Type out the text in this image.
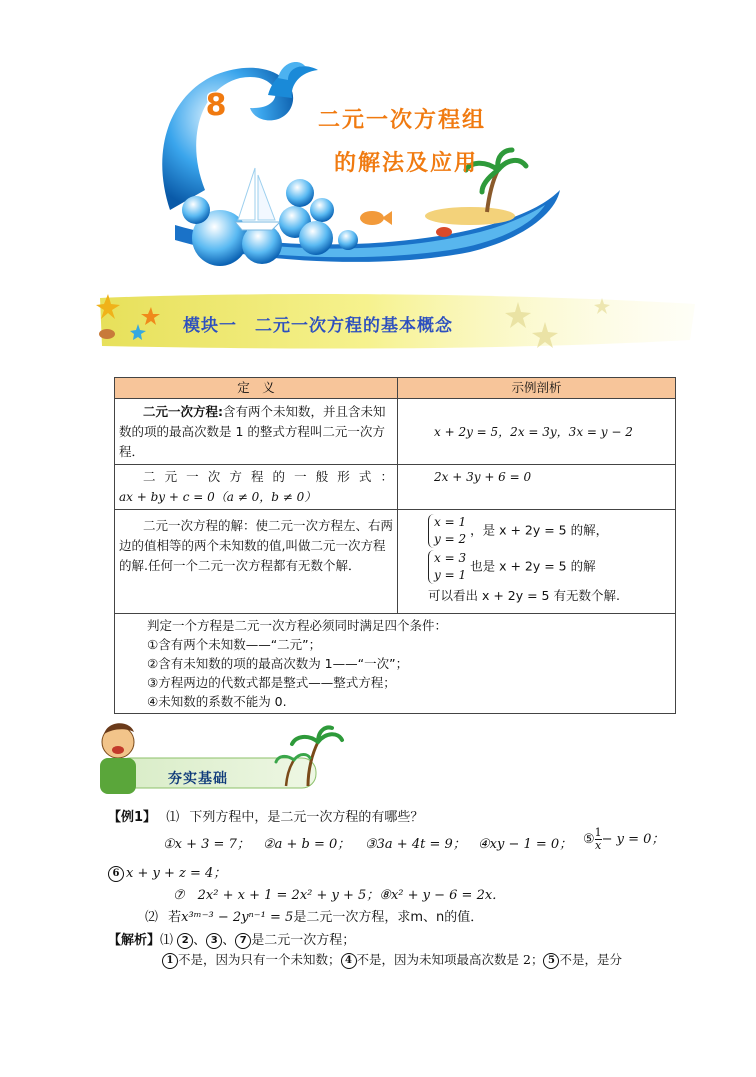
8	二元一次方程组
的解法及应用
模块一　二元一次方程的基本概念
定　义	示例剖析
二元一次方程:含有两个未知数，并且含未知数的项的最高次数是 1 的整式方程叫二元一次方程．	x + 2y = 5，2x = 3y，3x = y − 2

二 元 一 次 方 程 的 一 般 形 式 ：
ax + by + c = 0（a ≠ 0，b ≠ 0）	2x + 3y + 6 = 0
二元一次方程的解：使二元一次方程左、右两边的值相等的两个未知数的值,叫做二元一次方程的解.任何一个二元一次方程都有无数个解．	x = 1
y = 2，是 x + 2y = 5 的解，
x = 3
y = 1也是 x + 2y = 5 的解
可以看出 x + 2y = 5 有无数个解.

判定一个方程是二元一次方程必须同时满足四个条件：
①含有两个未知数——“二元”；
②含有未知数的项的最高次数为 1——“一次”；
③方程两边的代数式都是整式——整式方程；
④未知数的系数不能为 0.	
夯实基础
【例1】 ⑴ 下列方程中，是二元一次方程的有哪些？
①x + 3 = 7； ②a + b = 0； ③3a + 4t = 9； ④xy − 1 = 0； ⑤ $\frac{1}{x} - y = 0$；
6 x + y + z = 4；
⑦　2x² + x + 1 = 2x² + y + 5；⑧x² + y − 6 = 2x．
⑵ 若x³ᵐ⁻³ − 2yⁿ⁻¹ = 5是二元一次方程，求m、n的值．
【解析】⑴ 2 、 3 、 7 是二元一次方程；
1 不是，因为只有一个未知数； 4 不是，因为未知项最高次数是 2； 5 不是，是分
